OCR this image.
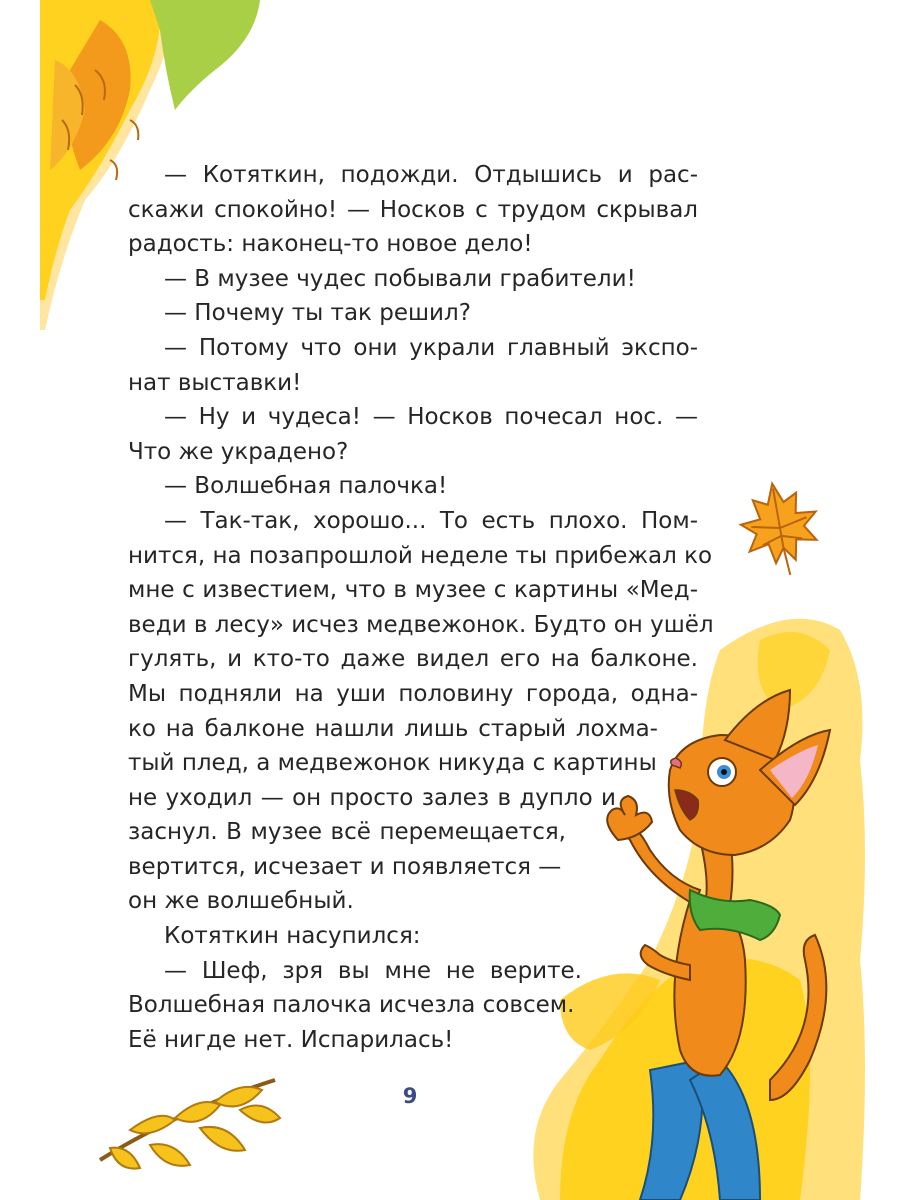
— Котяткин, подожди. Отдышись и рас-
скажи спокойно! — Носков с трудом скрывал
радость: наконец-то новое дело!
— В музее чудес побывали грабители!
— Почему ты так решил?
— Потому что они украли главный экспо-
нат выставки!
— Ну и чудеса! — Носков почесал нос. —
Что же украдено?
— Волшебная палочка!
— Так-так, хорошо... То есть плохо. Пом-
нится, на позапрошлой неделе ты прибежал ко
мне с известием, что в музее с картины «Мед-
веди в лесу» исчез медвежонок. Будто он ушёл
гулять, и кто-то даже видел его на балконе.
Мы подняли на уши половину города, одна-
ко на балконе нашли лишь старый лохма-
тый плед, а медвежонок никуда с картины
не уходил — он просто залез в дупло и
заснул. В музее всё перемещается,
вертится, исчезает и появляется —
он же волшебный.
Котяткин насупился:
— Шеф, зря вы мне не верите.
Волшебная палочка исчезла совсем.
Её нигде нет. Испарилась!
9
